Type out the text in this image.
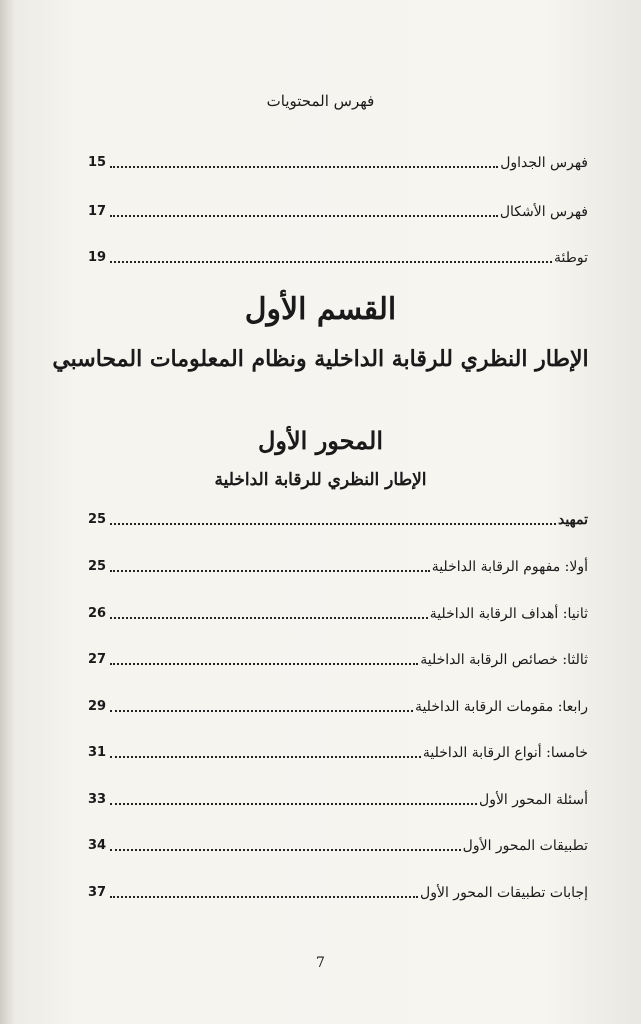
فهرس المحتويات
فهرس الجداول
15
فهرس الأشكال
17
توطئة
19
القسم الأول
الإطار النظري للرقابة الداخلية ونظام المعلومات المحاسبي
المحور الأول
الإطار النظري للرقابة الداخلية
تمهيد
25
أولا: مفهوم الرقابة الداخلية
25
ثانيا: أهداف الرقابة الداخلية
26
ثالثا: خصائص الرقابة الداخلية
27
رابعا: مقومات الرقابة الداخلية
29
خامسا: أنواع الرقابة الداخلية
31
أسئلة المحور الأول
33
تطبيقات المحور الأول
34
إجابات تطبيقات المحور الأول
37
7
